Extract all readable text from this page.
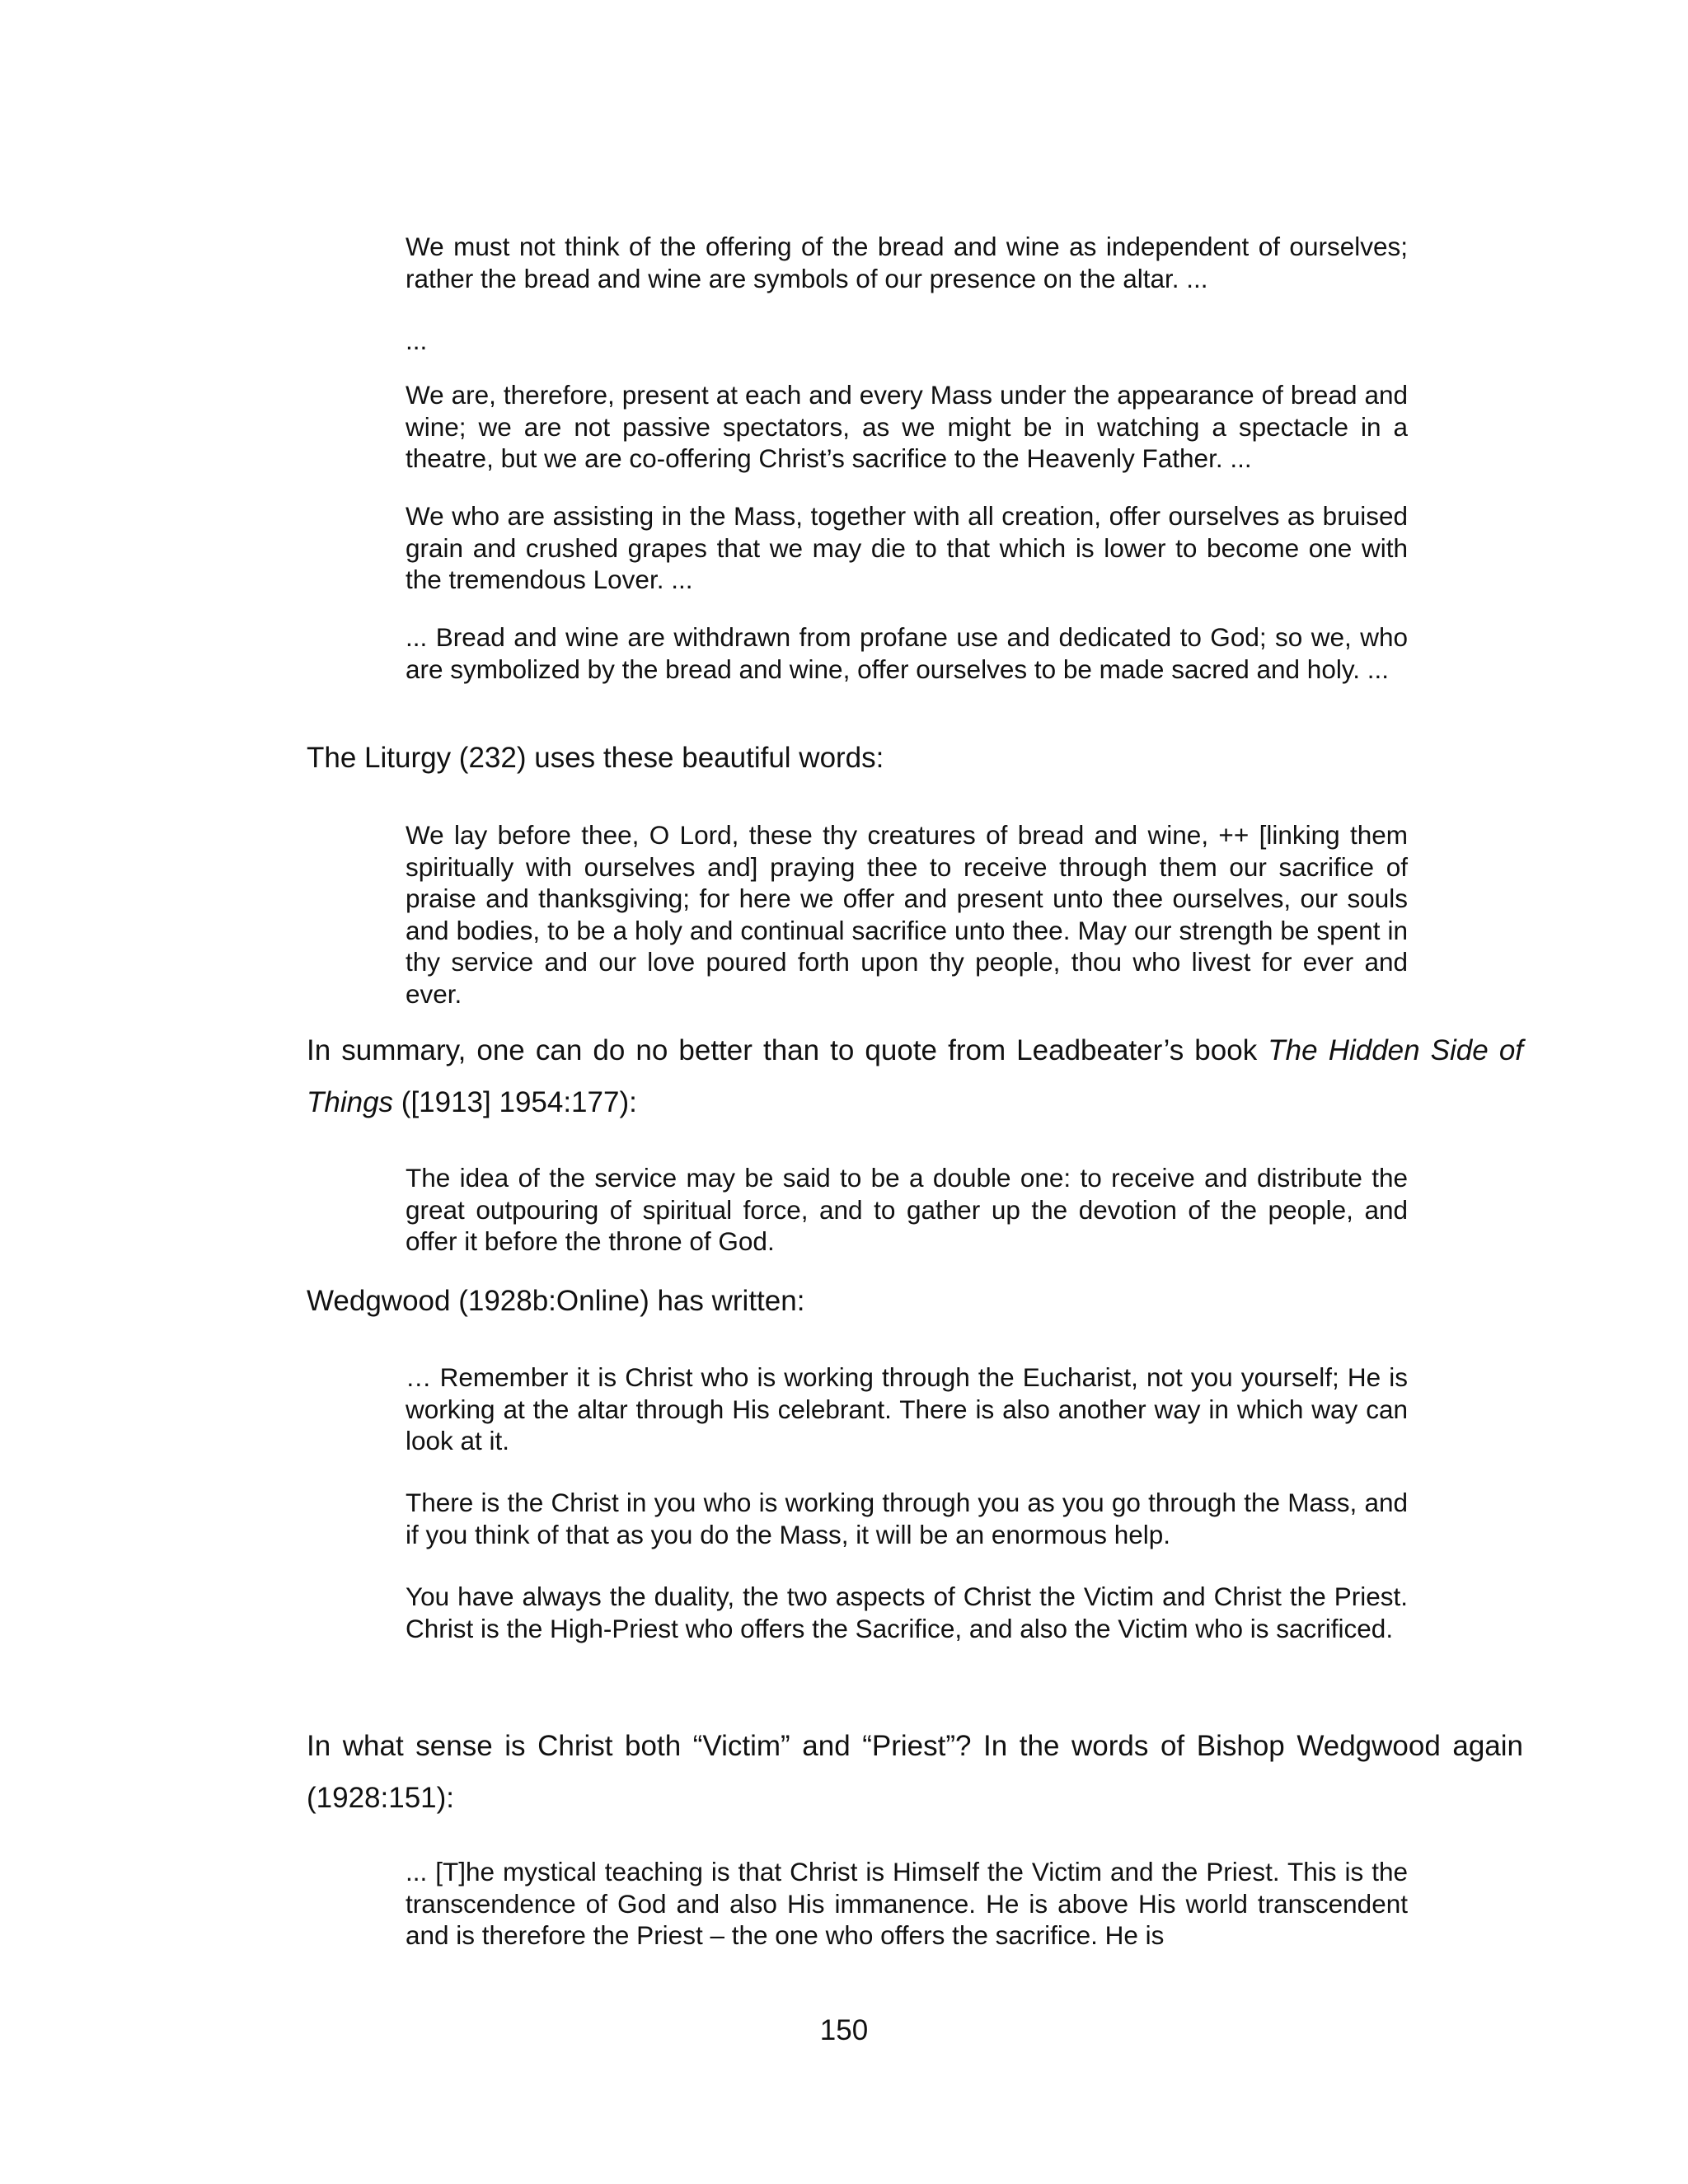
We must not think of the offering of the bread and wine as independent of ourselves; rather the bread and wine are symbols of our presence on the altar. ...

...

We are, therefore, present at each and every Mass under the appearance of bread and wine; we are not passive spectators, as we might be in watching a spectacle in a theatre, but we are co-offering Christ’s sacrifice to the Heavenly Father. ...

We who are assisting in the Mass, together with all creation, offer ourselves as bruised grain and crushed grapes that we may die to that which is lower to become one with the tremendous Lover. ...

... Bread and wine are withdrawn from profane use and dedicated to God; so we, who are symbolized by the bread and wine, offer ourselves to be made sacred and holy. ...

The Liturgy (232) uses these beautiful words:

We lay before thee, O Lord, these thy creatures of bread and wine, ++ [linking them spiritually with ourselves and] praying thee to receive through them our sacrifice of praise and thanksgiving; for here we offer and present unto thee ourselves, our souls and bodies, to be a holy and continual sacrifice unto thee. May our strength be spent in thy service and our love poured forth upon thy people, thou who livest for ever and ever.

In summary, one can do no better than to quote from Leadbeater’s book The Hidden Side of Things ([1913] 1954:177):

The idea of the service may be said to be a double one: to receive and distribute the great outpouring of spiritual force, and to gather up the devotion of the people, and offer it before the throne of God.

Wedgwood (1928b:Online) has written:

… Remember it is Christ who is working through the Eucharist, not you yourself; He is working at the altar through His celebrant. There is also another way in which way can look at it.

There is the Christ in you who is working through you as you go through the Mass, and if you think of that as you do the Mass, it will be an enormous help.

You have always the duality, the two aspects of Christ the Victim and Christ the Priest. Christ is the High-Priest who offers the Sacrifice, and also the Victim who is sacrificed.

In what sense is Christ both “Victim” and “Priest”? In the words of Bishop Wedgwood again (1928:151):

... [T]he mystical teaching is that Christ is Himself the Victim and the Priest. This is the transcendence of God and also His immanence. He is above His world transcendent and is therefore the Priest – the one who offers the sacrifice. He is

150
